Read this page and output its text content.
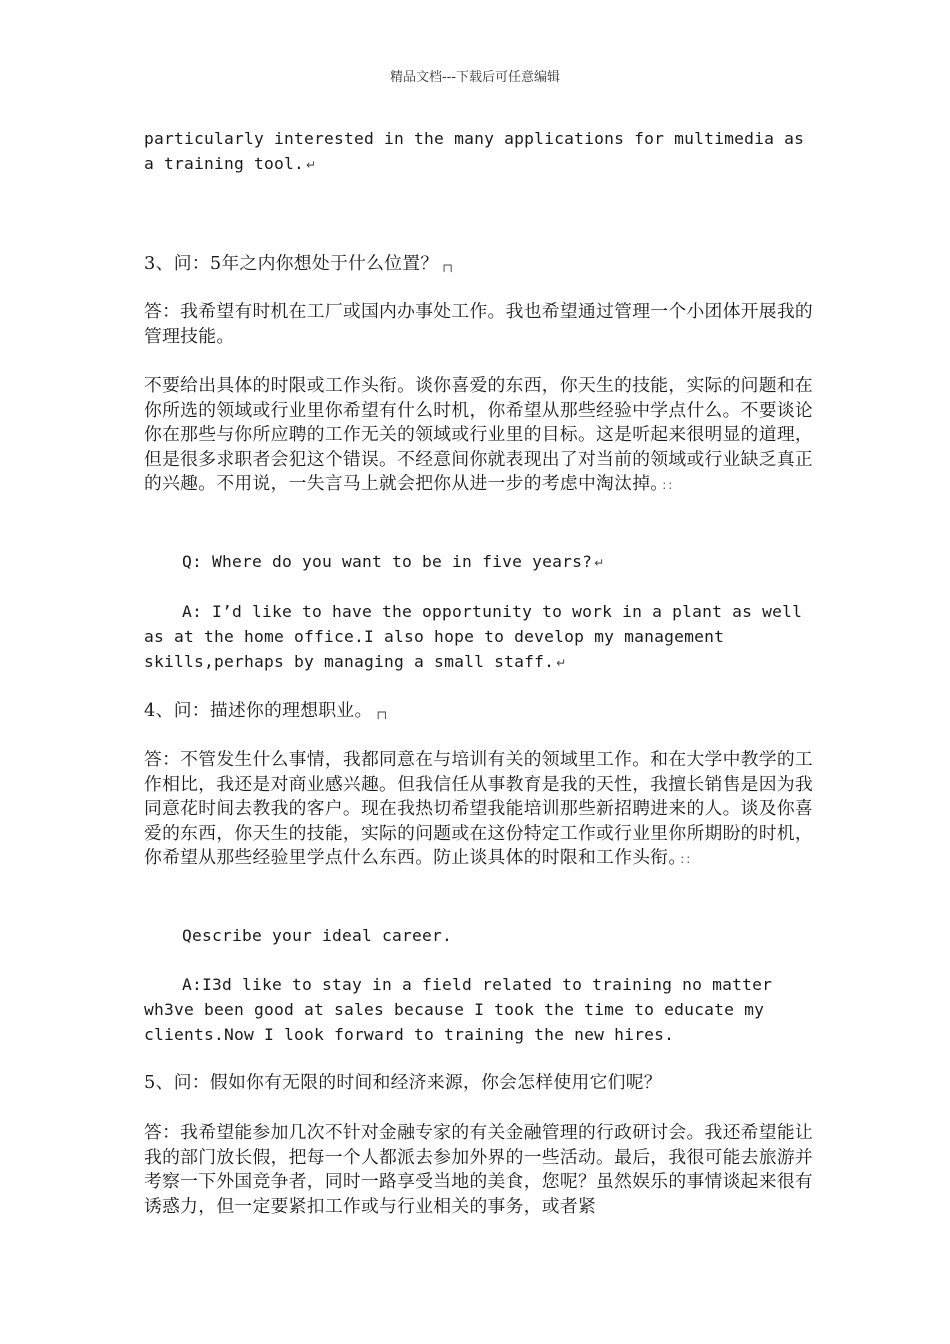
精品文档---下载后可任意编辑

particularly interested in the many applications for multimedia as a training tool. ↵

3、问：5年之内你想处于什么位置？ ┌┐

答：我希望有时机在工厂或国内办事处工作。我也希望通过管理一个小团体开展我的管理技能。

不要给出具体的时限或工作头衔。谈你喜爱的东西，你天生的技能，实际的问题和在你所选的领域或行业里你希望有什么时机，你希望从那些经验中学点什么。不要谈论你在那些与你所应聘的工作无关的领域或行业里的目标。这是听起来很明显的道理，但是很多求职者会犯这个错误。不经意间你就表现出了对当前的领域或行业缺乏真正的兴趣。不用说，一失言马上就会把你从进一步的考虑中淘汰掉。 ：：

Q: Where do you want to be in five years? ↵

A: I’d like to have the opportunity to work in a plant as well as at the home office.I also hope to develop my management skills,perhaps by managing a small staff. ↵

4、问：描述你的理想职业。 ┌┐

答：不管发生什么事情，我都同意在与培训有关的领域里工作。和在大学中教学的工作相比，我还是对商业感兴趣。但我信任从事教育是我的天性，我擅长销售是因为我同意花时间去教我的客户。现在我热切希望我能培训那些新招聘进来的人。谈及你喜爱的东西，你天生的技能，实际的问题或在这份特定工作或行业里你所期盼的时机，你希望从那些经验里学点什么东西。防止谈具体的时限和工作头衔。 ：：

Qescribe your ideal career.

A:I3d like to stay in a field related to training no matter wh3ve been good at sales because I took the time to educate my clients.Now I look forward to training the new hires.

5、问：假如你有无限的时间和经济来源，你会怎样使用它们呢？

答：我希望能参加几次不针对金融专家的有关金融管理的行政研讨会。我还希望能让我的部门放长假，把每一个人都派去参加外界的一些活动。最后，我很可能去旅游并考察一下外国竞争者，同时一路享受当地的美食，您呢？虽然娱乐的事情谈起来很有诱惑力，但一定要紧扣工作或与行业相关的事务，或者紧
